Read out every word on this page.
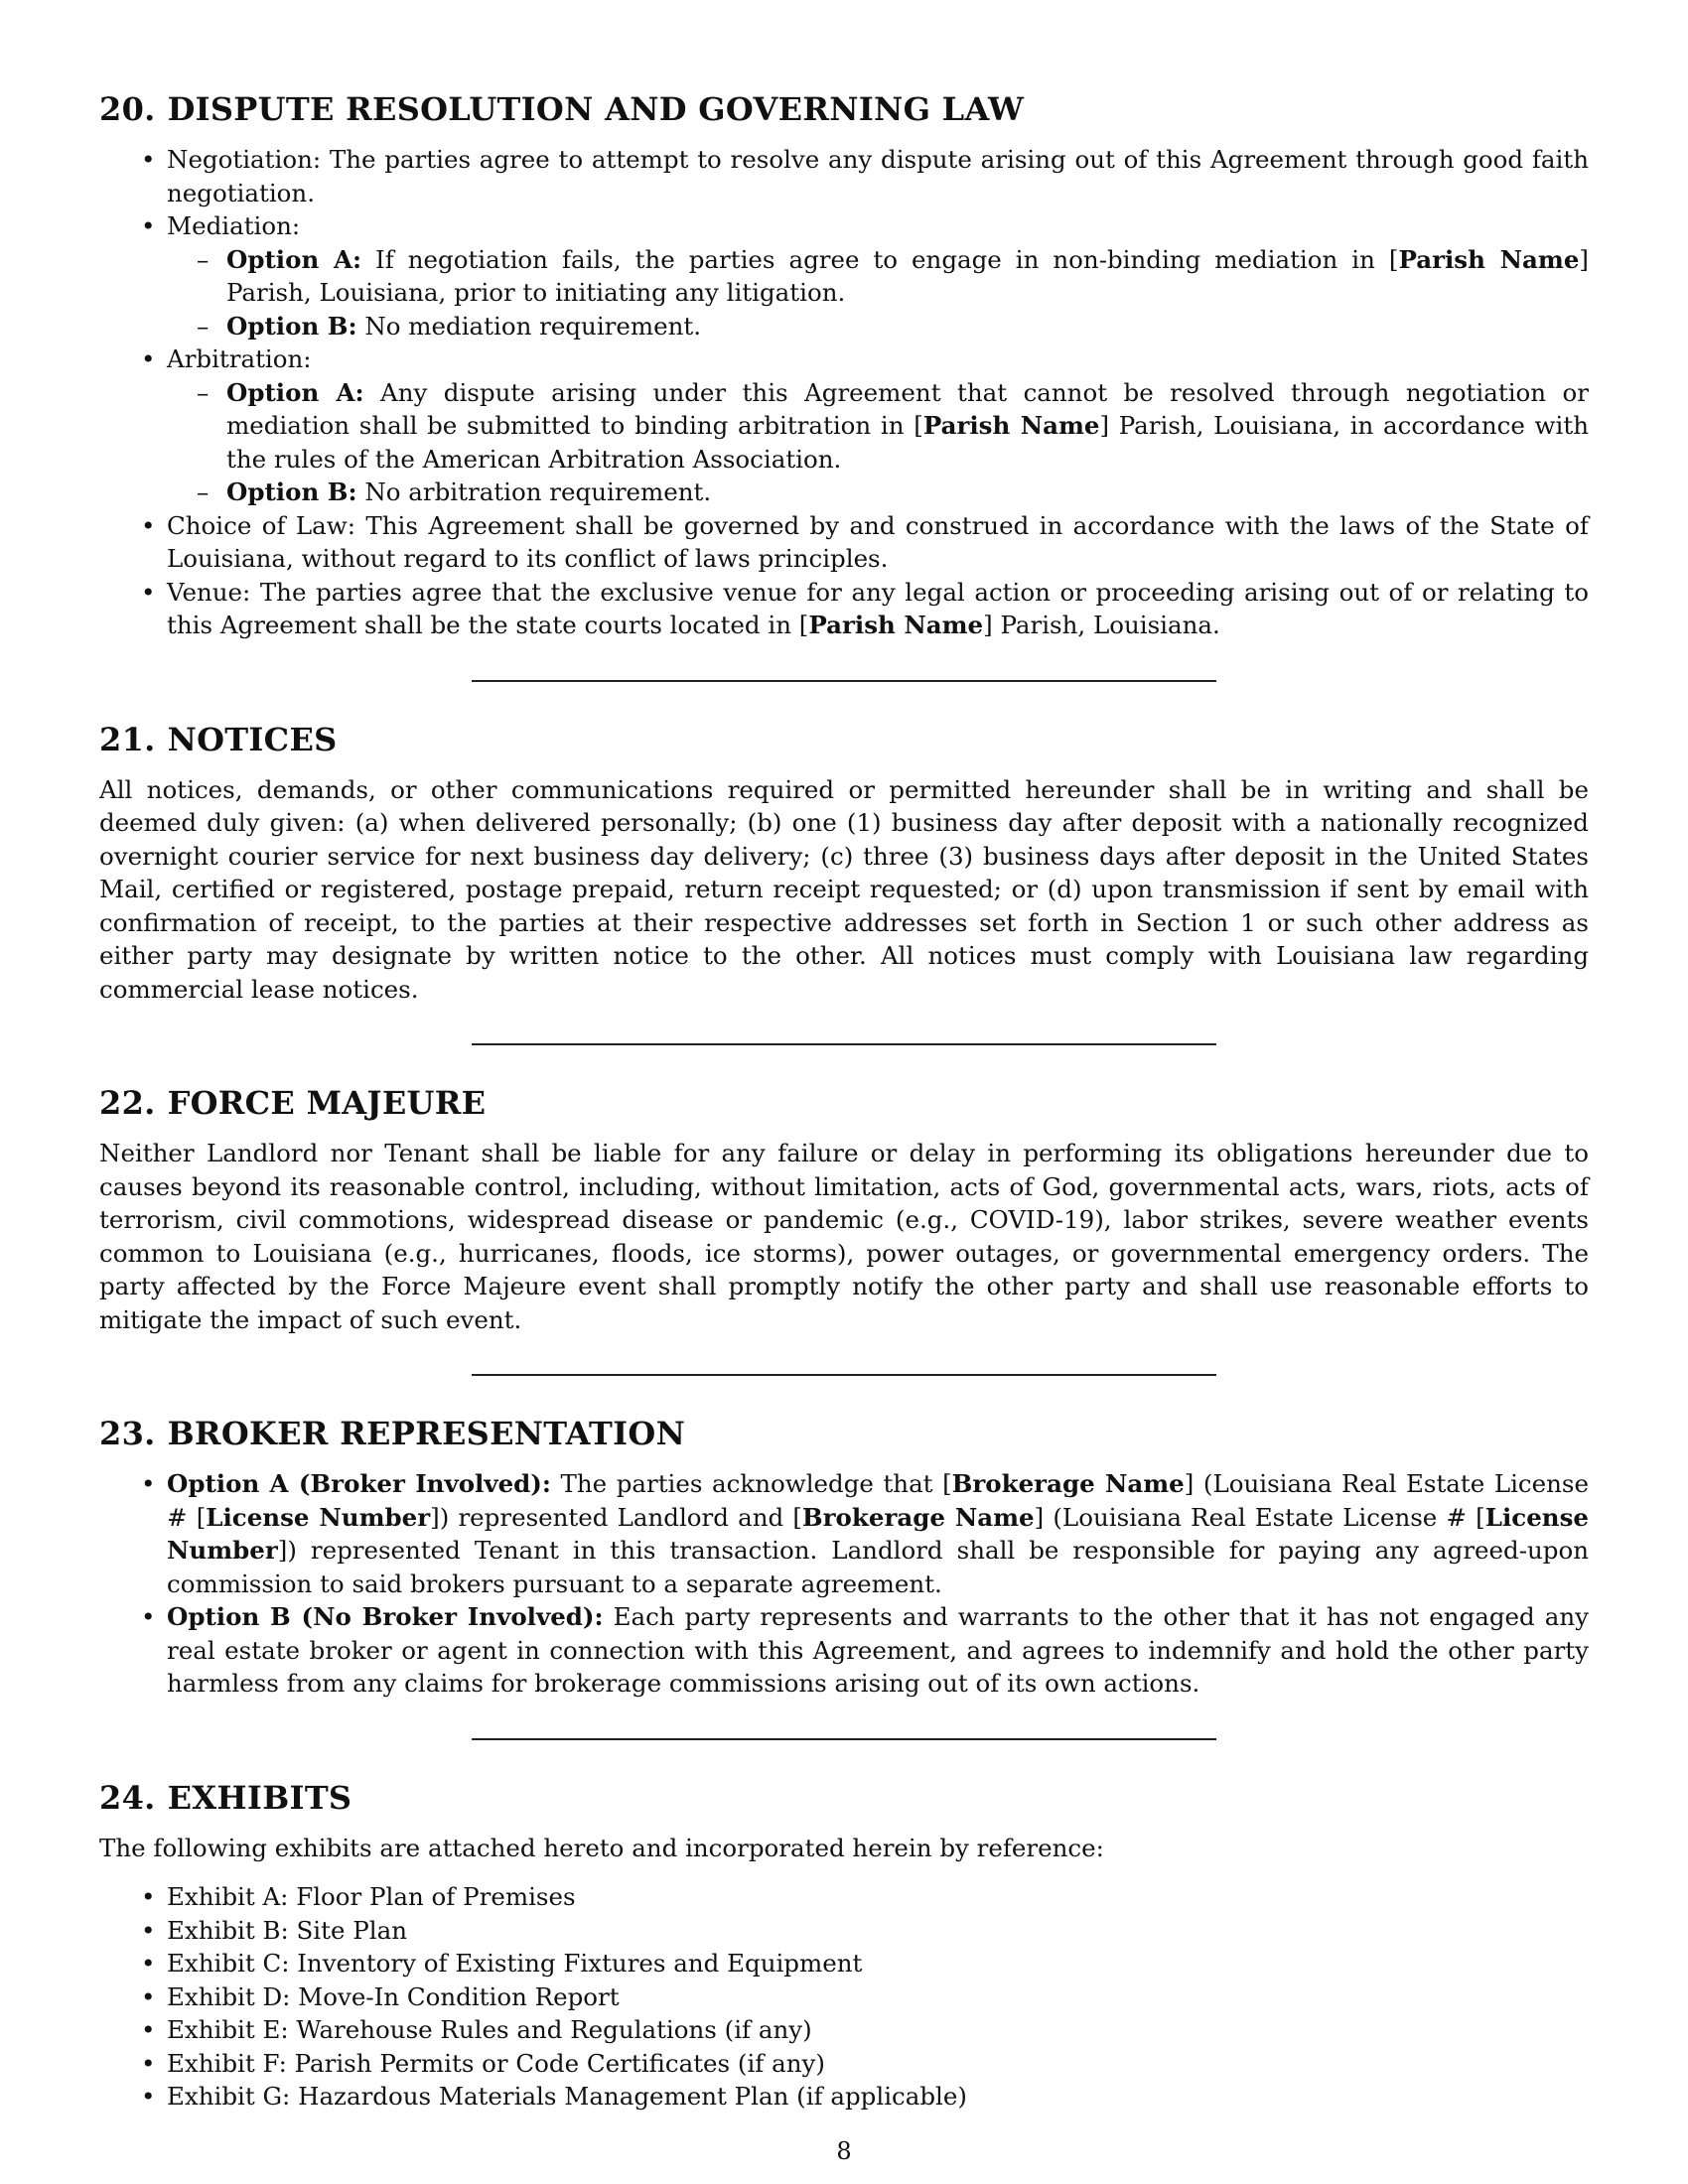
20. DISPUTE RESOLUTION AND GOVERNING LAW
• Negotiation: The parties agree to attempt to resolve any dispute arising out of this Agreement through good faith negotiation.
• Mediation:
– Option A: If negotiation fails, the parties agree to engage in non-binding mediation in [Parish Name] Parish, Louisiana, prior to initiating any litigation.
– Option B: No mediation requirement.
• Arbitration:
– Option A: Any dispute arising under this Agreement that cannot be resolved through negotiation or mediation shall be submitted to binding arbitration in [Parish Name] Parish, Louisiana, in accordance with the rules of the American Arbitration Association.
– Option B: No arbitration requirement.
• Choice of Law: This Agreement shall be governed by and construed in accordance with the laws of the State of Louisiana, without regard to its conflict of laws principles.
• Venue: The parties agree that the exclusive venue for any legal action or proceeding arising out of or relating to this Agreement shall be the state courts located in [Parish Name] Parish, Louisiana.
21. NOTICES

All notices, demands, or other communications required or permitted hereunder shall be in writing and shall be deemed duly given: (a) when delivered personally; (b) one (1) business day after deposit with a nationally recognized overnight courier service for next business day delivery; (c) three (3) business days after deposit in the United States Mail, certified or registered, postage prepaid, return receipt requested; or (d) upon transmission if sent by email with confirmation of receipt, to the parties at their respective addresses set forth in Section 1 or such other address as either party may designate by written notice to the other. All notices must comply with Louisiana law regarding commercial lease notices.

22. FORCE MAJEURE

Neither Landlord nor Tenant shall be liable for any failure or delay in performing its obligations hereunder due to causes beyond its reasonable control, including, without limitation, acts of God, governmental acts, wars, riots, acts of terrorism, civil commotions, widespread disease or pandemic (e.g., COVID-19), labor strikes, severe weather events common to Louisiana (e.g., hurricanes, floods, ice storms), power outages, or governmental emergency orders. The party affected by the Force Majeure event shall promptly notify the other party and shall use reasonable efforts to mitigate the impact of such event.

23. BROKER REPRESENTATION
• Option A (Broker Involved): The parties acknowledge that [Brokerage Name] (Louisiana Real Estate License # [License Number]) represented Landlord and [Brokerage Name] (Louisiana Real Estate License # [License Number]) represented Tenant in this transaction. Landlord shall be responsible for paying any agreed-upon commission to said brokers pursuant to a separate agreement.
• Option B (No Broker Involved): Each party represents and warrants to the other that it has not engaged any real estate broker or agent in connection with this Agreement, and agrees to indemnify and hold the other party harmless from any claims for brokerage commissions arising out of its own actions.
24. EXHIBITS

The following exhibits are attached hereto and incorporated herein by reference:

• Exhibit A: Floor Plan of Premises
• Exhibit B: Site Plan
• Exhibit C: Inventory of Existing Fixtures and Equipment
• Exhibit D: Move-In Condition Report
• Exhibit E: Warehouse Rules and Regulations (if any)
• Exhibit F: Parish Permits or Code Certificates (if any)
• Exhibit G: Hazardous Materials Management Plan (if applicable)
8
